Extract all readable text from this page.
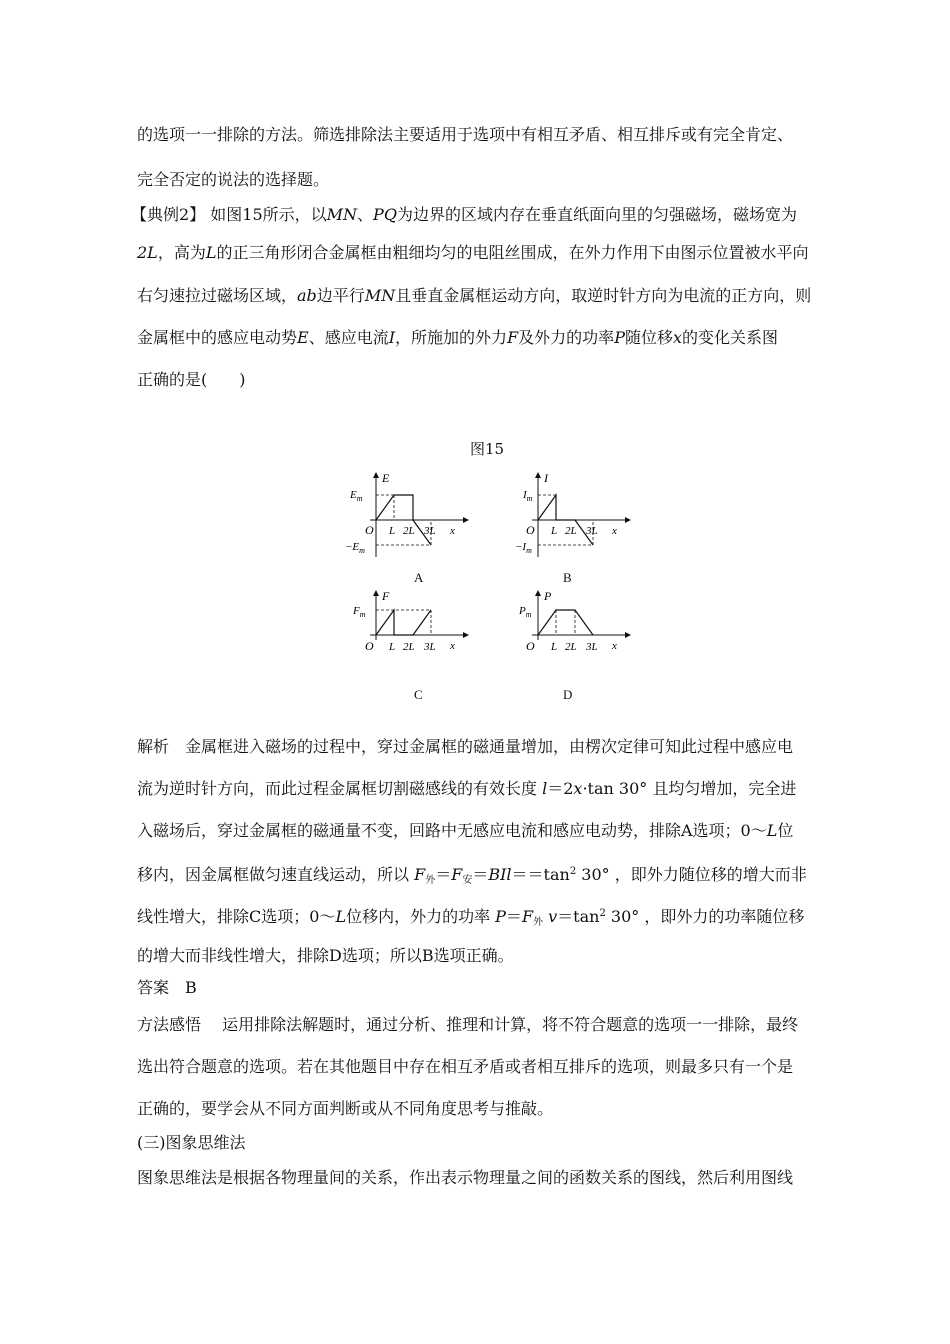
的选项一一排除的方法。筛选排除法主要适用于选项中有相互矛盾、相互排斥或有完全肯定、
完全否定的说法的选择题。
【典例2】 如图15所示，以MN、PQ为边界的区域内存在垂直纸面向里的匀强磁场，磁场宽为
2L，高为L的正三角形闭合金属框由粗细均匀的电阻丝围成，在外力作用下由图示位置被水平向
右匀速拉过磁场区域，ab边平行MN且垂直金属框运动方向，取逆时针方向为电流的正方向，则
金属框中的感应电动势E、感应电流I，所施加的外力F及外力的功率P随位移x的变化关系图
正确的是(　　)
图15
E
$E_m$
$-E_m$
O	x
L 2L 3L
A
I
$I_m$
$-I_m$
O	x
L 2L 3L
B
F
$F_m$
O	x
L 2L 3L
C
P
$P_m$
O	x
L 2L 3L
D
解析　金属框进入磁场的过程中，穿过金属框的磁通量增加，由楞次定律可知此过程中感应电
流为逆时针方向，而此过程金属框切割磁感线的有效长度 l＝2x·tan 30° 且均匀增加，完全进
入磁场后，穿过金属框的磁通量不变，回路中无感应电流和感应电动势，排除A选项；0～L位
移内，因金属框做匀速直线运动，所以 $F_外=F_安=BIl==\tan^2$ 30° ，即外力随位移的增大而非
线性增大，排除C选项；0～L位移内，外力的功率 $P=F_外$ $v=\tan^2$ 30° ，即外力的功率随位移
的增大而非线性增大，排除D选项；所以B选项正确。
答案　B
方法感悟　 运用排除法解题时，通过分析、推理和计算，将不符合题意的选项一一排除，最终
选出符合题意的选项。若在其他题目中存在相互矛盾或者相互排斥的选项，则最多只有一个是
正确的，要学会从不同方面判断或从不同角度思考与推敲。
(三)图象思维法
图象思维法是根据各物理量间的关系，作出表示物理量之间的函数关系的图线，然后利用图线
